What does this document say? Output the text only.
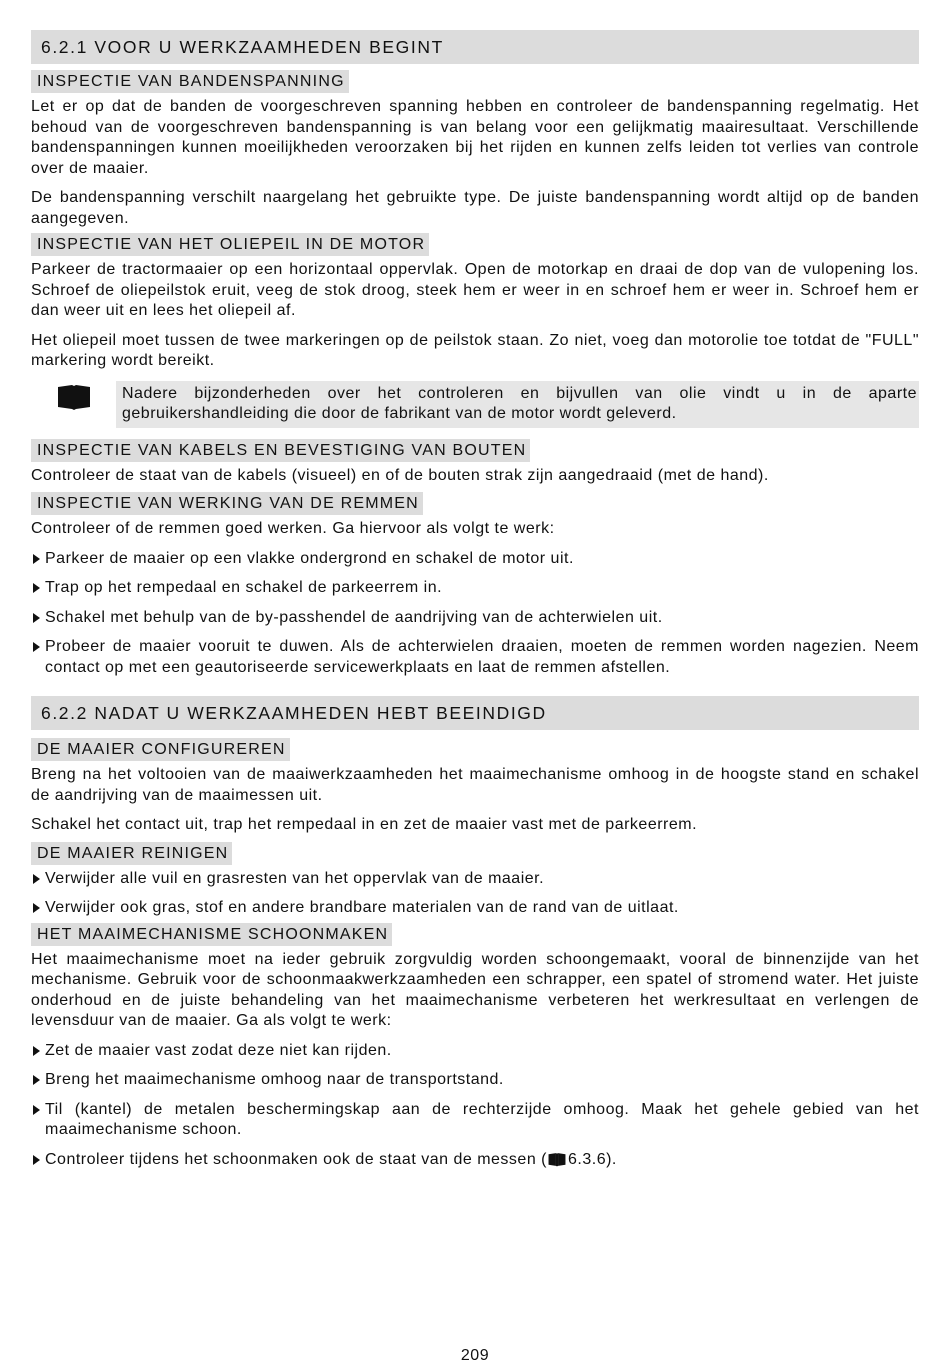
6.2.1 VOOR U WERKZAAMHEDEN BEGINT
INSPECTIE VAN BANDENSPANNING

Let er op dat de banden de voorgeschreven spanning hebben en controleer de bandenspanning regelmatig. Het behoud van de voorgeschreven bandenspanning is van belang voor een gelijkmatig maairesultaat. Verschillende bandenspanningen kunnen moeilijkheden veroorzaken bij het rijden en kunnen zelfs leiden tot verlies van controle over de maaier.

De bandenspanning verschilt naargelang het gebruikte type. De juiste bandenspanning wordt altijd op de banden aangegeven.

INSPECTIE VAN HET OLIEPEIL IN DE MOTOR

Parkeer de tractormaaier op een horizontaal oppervlak. Open de motorkap en draai de dop van de vulopening los. Schroef de oliepeilstok eruit, veeg de stok droog, steek hem er weer in en schroef hem er weer in. Schroef hem er dan weer uit en lees het oliepeil af.

Het oliepeil moet tussen de twee markeringen op de peilstok staan. Zo niet, voeg dan motorolie toe totdat de "FULL" markering wordt bereikt.

Nadere bijzonderheden over het controleren en bijvullen van olie vindt u in de aparte gebruikershandleiding die door de fabrikant van de motor wordt geleverd.

INSPECTIE VAN KABELS EN BEVESTIGING VAN BOUTEN

Controleer de staat van de kabels (visueel) en of de bouten strak zijn aangedraaid (met de hand).

INSPECTIE VAN WERKING VAN DE REMMEN

Controleer of de remmen goed werken. Ga hiervoor als volgt te werk:

Parkeer de maaier op een vlakke ondergrond en schakel de motor uit.

Trap op het rempedaal en schakel de parkeerrem in.

Schakel met behulp van de by-passhendel de aandrijving van de achterwielen uit.

Probeer de maaier vooruit te duwen. Als de achterwielen draaien, moeten de remmen worden nagezien. Neem contact op met een geautoriseerde servicewerkplaats en laat de remmen afstellen.

6.2.2 NADAT U WERKZAAMHEDEN HEBT BEEINDIGD
DE MAAIER CONFIGUREREN

Breng na het voltooien van de maaiwerkzaamheden het maaimechanisme omhoog in de hoogste stand en schakel de aandrijving van de maaimessen uit.

Schakel het contact uit, trap het rempedaal in en zet de maaier vast met de parkeerrem.

DE MAAIER REINIGEN

Verwijder alle vuil en grasresten van het oppervlak van de maaier.

Verwijder ook gras, stof en andere brandbare materialen van de rand van de uitlaat.

HET MAAIMECHANISME SCHOONMAKEN

Het maaimechanisme moet na ieder gebruik zorgvuldig worden schoongemaakt, vooral de binnenzijde van het mechanisme. Gebruik voor de schoonmaakwerkzaamheden een schrapper, een spatel of stromend water. Het juiste onderhoud en de juiste behandeling van het maaimechanisme verbeteren het werkresultaat en verlengen de levensduur van de maaier. Ga als volgt te werk:

Zet de maaier vast zodat deze niet kan rijden.

Breng het maaimechanisme omhoog naar de transportstand.

Til (kantel) de metalen beschermingskap aan de rechterzijde omhoog. Maak het gehele gebied van het maaimechanisme schoon.

Controleer tijdens het schoonmaken ook de staat van de messen ( 6.3.6).

209
